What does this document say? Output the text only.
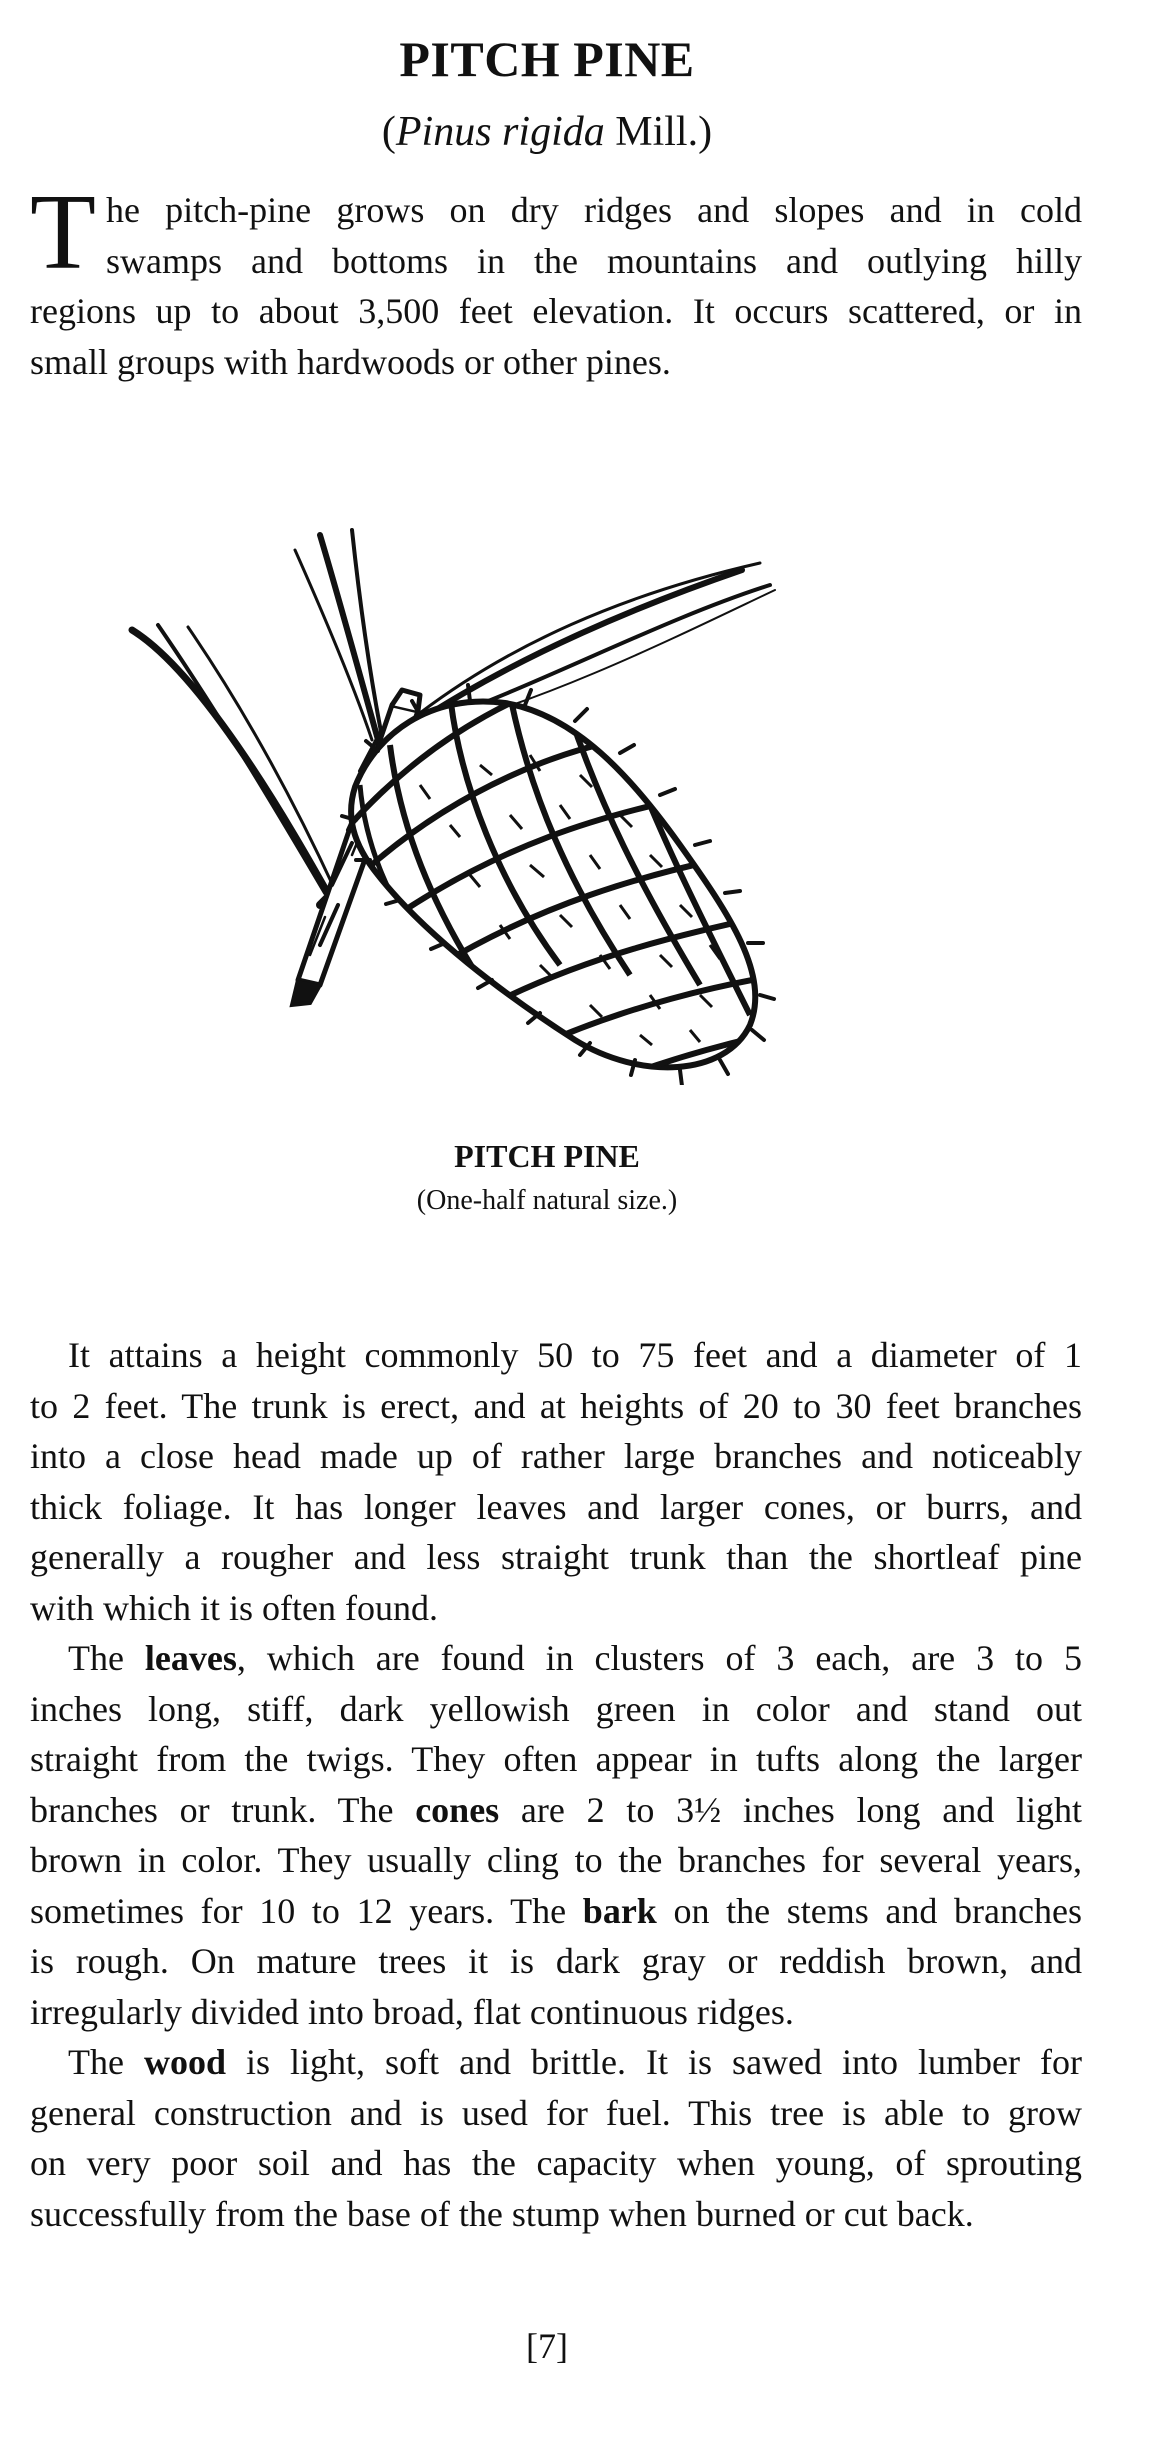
PITCH PINE

(Pinus rigida Mill.)

T he pitch-pine grows on dry ridges and slopes and in cold
swamps and bottoms in the mountains and outlying hilly
regions up to about 3,500 feet elevation. It occurs scattered, or in
small groups with hardwoods or other pines.

PITCH PINE

(One-half natural size.)

It attains a height commonly 50 to 75 feet and a diameter of 1
to 2 feet. The trunk is erect, and at heights of 20 to 30 feet branches
into a close head made up of rather large branches and noticeably
thick foliage. It has longer leaves and larger cones, or burrs, and
generally a rougher and less straight trunk than the shortleaf pine
with which it is often found.
The leaves, which are found in clusters of 3 each, are 3 to 5
inches long, stiff, dark yellowish green in color and stand out
straight from the twigs. They often appear in tufts along the larger
branches or trunk. The cones are 2 to 3½ inches long and light
brown in color. They usually cling to the branches for several years,
sometimes for 10 to 12 years. The bark on the stems and branches
is rough. On mature trees it is dark gray or reddish brown, and
irregularly divided into broad, flat continuous ridges.
The wood is light, soft and brittle. It is sawed into lumber for
general construction and is used for fuel. This tree is able to grow
on very poor soil and has the capacity when young, of sprouting
successfully from the base of the stump when burned or cut back.

[7]
